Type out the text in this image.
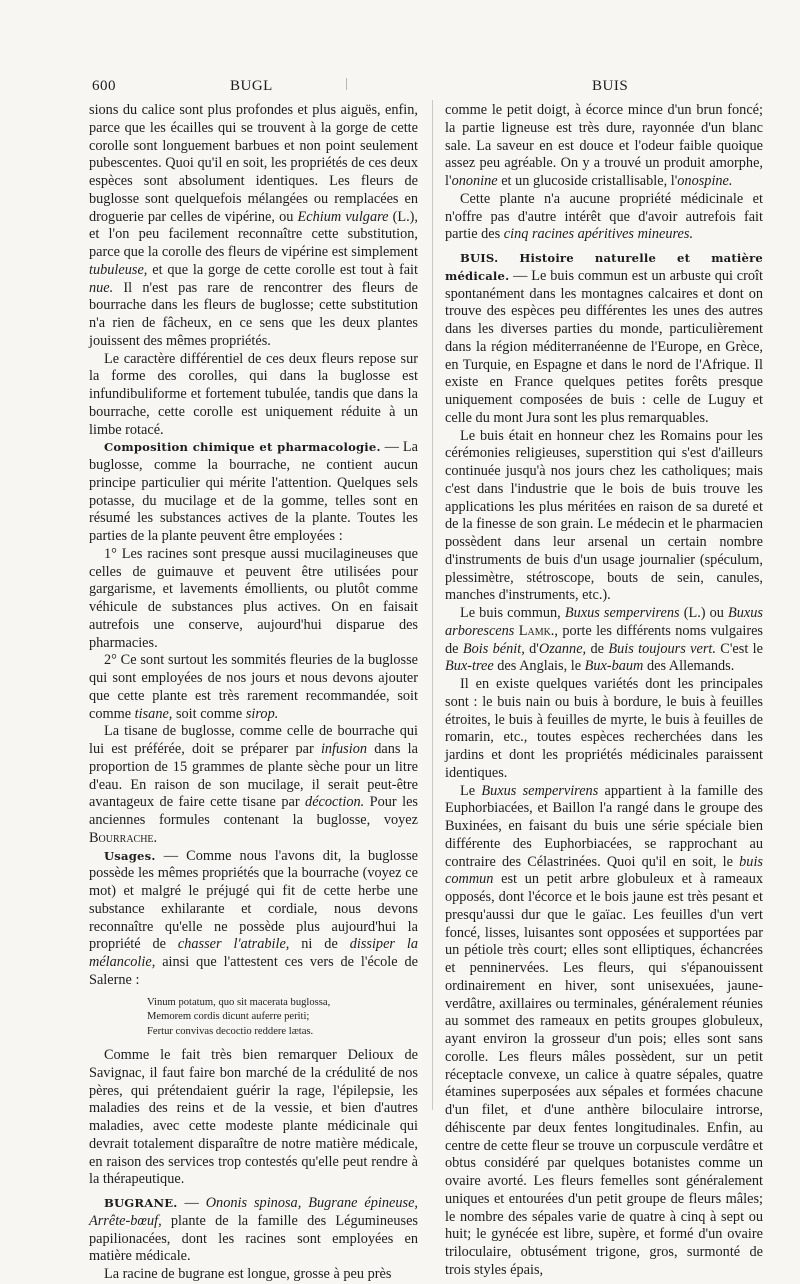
600	BUGL	BUIS

sions du calice sont plus profondes et plus aiguës, enfin, parce que les écailles qui se trouvent à la gorge de cette corolle sont longuement barbues et non point seulement pubescentes. Quoi qu'il en soit, les propriétés de ces deux espèces sont absolument identiques. Les fleurs de buglosse sont quelquefois mélangées ou remplacées en droguerie par celles de vipérine, ou Echium vulgare (L.), et l'on peu facilement reconnaître cette substitution, parce que la corolle des fleurs de vipérine est simplement tubuleuse, et que la gorge de cette corolle est tout à fait nue. Il n'est pas rare de rencontrer des fleurs de bourrache dans les fleurs de buglosse; cette substitution n'a rien de fâcheux, en ce sens que les deux plantes jouissent des mêmes propriétés.

Le caractère différentiel de ces deux fleurs repose sur la forme des corolles, qui dans la buglosse est infundibuliforme et fortement tubulée, tandis que dans la bourrache, cette corolle est uniquement réduite à un limbe rotacé.

Composition chimique et pharmacologie. — La buglosse, comme la bourrache, ne contient aucun principe particulier qui mérite l'attention. Quelques sels potasse, du mucilage et de la gomme, telles sont en résumé les substances actives de la plante. Toutes les parties de la plante peuvent être employées :

1° Les racines sont presque aussi mucilagineuses que celles de guimauve et peuvent être utilisées pour gargarisme, et lavements émollients, ou plutôt comme véhicule de substances plus actives. On en faisait autrefois une conserve, aujourd'hui disparue des pharmacies.

2° Ce sont surtout les sommités fleuries de la buglosse qui sont employées de nos jours et nous devons ajouter que cette plante est très rarement recommandée, soit comme tisane, soit comme sirop.

La tisane de buglosse, comme celle de bourrache qui lui est préférée, doit se préparer par infusion dans la proportion de 15 grammes de plante sèche pour un litre d'eau. En raison de son mucilage, il serait peut-être avantageux de faire cette tisane par décoction. Pour les anciennes formules contenant la buglosse, voyez Bourrache.

Usages. — Comme nous l'avons dit, la buglosse possède les mêmes propriétés que la bourrache (voyez ce mot) et malgré le préjugé qui fit de cette herbe une substance exhilarante et cordiale, nous devons reconnaître qu'elle ne possède plus aujourd'hui la propriété de chasser l'atrabile, ni de dissiper la mélancolie, ainsi que l'attestent ces vers de l'école de Salerne :

Vinum potatum, quo sit macerata buglossa,
Memorem cordis dicunt auferre periti;
Fertur convivas decoctio reddere lætas.

Comme le fait très bien remarquer Delioux de Savignac, il faut faire bon marché de la crédulité de nos pères, qui prétendaient guérir la rage, l'épilepsie, les maladies des reins et de la vessie, et bien d'autres maladies, avec cette modeste plante médicinale qui devrait totalement disparaître de notre matière médicale, en raison des services trop contestés qu'elle peut rendre à la thérapeutique.

BUGRANE. — Ononis spinosa, Bugrane épineuse, Arrête-bœuf, plante de la famille des Légumineuses papilionacées, dont les racines sont employées en matière médicale.

La racine de bugrane est longue, grosse à peu près

comme le petit doigt, à écorce mince d'un brun foncé; la partie ligneuse est très dure, rayonnée d'un blanc sale. La saveur en est douce et l'odeur faible quoique assez peu agréable. On y a trouvé un produit amorphe, l'ononine et un glucoside cristallisable, l'onospine.

Cette plante n'a aucune propriété médicinale et n'offre pas d'autre intérêt que d'avoir autrefois fait partie des cinq racines apéritives mineures.

BUIS. Histoire naturelle et matière médicale. — Le buis commun est un arbuste qui croît spontanément dans les montagnes calcaires et dont on trouve des espèces peu différentes les unes des autres dans les diverses parties du monde, particulièrement dans la région méditerranéenne de l'Europe, en Grèce, en Turquie, en Espagne et dans le nord de l'Afrique. Il existe en France quelques petites forêts presque uniquement composées de buis : celle de Luguy et celle du mont Jura sont les plus remarquables.

Le buis était en honneur chez les Romains pour les cérémonies religieuses, superstition qui s'est d'ailleurs continuée jusqu'à nos jours chez les catholiques; mais c'est dans l'industrie que le bois de buis trouve les applications les plus méritées en raison de sa dureté et de la finesse de son grain. Le médecin et le pharmacien possèdent dans leur arsenal un certain nombre d'instruments de buis d'un usage journalier (spéculum, plessimètre, stétroscope, bouts de sein, canules, manches d'instruments, etc.).

Le buis commun, Buxus sempervirens (L.) ou Buxus arborescens Lamk., porte les différents noms vulgaires de Bois bénit, d'Ozanne, de Buis toujours vert. C'est le Bux-tree des Anglais, le Bux-baum des Allemands.

Il en existe quelques variétés dont les principales sont : le buis nain ou buis à bordure, le buis à feuilles étroites, le buis à feuilles de myrte, le buis à feuilles de romarin, etc., toutes espèces recherchées dans les jardins et dont les propriétés médicinales paraissent identiques.

Le Buxus sempervirens appartient à la famille des Euphorbiacées, et Baillon l'a rangé dans le groupe des Buxinées, en faisant du buis une série spéciale bien différente des Euphorbiacées, se rapprochant au contraire des Célastrinées. Quoi qu'il en soit, le buis commun est un petit arbre globuleux et à rameaux opposés, dont l'écorce et le bois jaune est très pesant et presqu'aussi dur que le gaïac. Les feuilles d'un vert foncé, lisses, luisantes sont opposées et supportées par un pétiole très court; elles sont elliptiques, échancrées et penninervées. Les fleurs, qui s'épanouissent ordinairement en hiver, sont unisexuées, jaune-verdâtre, axillaires ou terminales, généralement réunies au sommet des rameaux en petits groupes globuleux, ayant environ la grosseur d'un pois; elles sont sans corolle. Les fleurs mâles possèdent, sur un petit réceptacle convexe, un calice à quatre sépales, quatre étamines superposées aux sépales et formées chacune d'un filet, et d'une anthère biloculaire introrse, déhiscente par deux fentes longitudinales. Enfin, au centre de cette fleur se trouve un corpuscule verdâtre et obtus considéré par quelques botanistes comme un ovaire avorté. Les fleurs femelles sont généralement uniques et entourées d'un petit groupe de fleurs mâles; le nombre des sépales varie de quatre à cinq à sept ou huit; le gynécée est libre, supère, et formé d'un ovaire triloculaire, obtusément trigone, gros, surmonté de trois styles épais,
